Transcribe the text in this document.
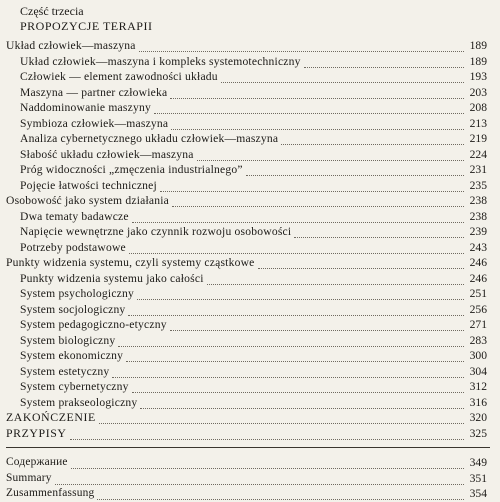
Część trzecia
PROPOZYCJE TERAPII
Układ człowiek—maszyna	189
Układ człowiek—maszyna i kompleks systemotechniczny	189
Człowiek — element zawodności układu	193
Maszyna — partner człowieka	203
Naddominowanie maszyny	208
Symbioza człowiek—maszyna	213
Analiza cybernetycznego układu człowiek—maszyna	219
Słabość układu człowiek—maszyna	224
Próg widoczności „zmęczenia industrialnego”	231
Pojęcie łatwości technicznej	235
Osobowość jako system działania	238
Dwa tematy badawcze	238
Napięcie wewnętrzne jako czynnik rozwoju osobowości	239
Potrzeby podstawowe	243
Punkty widzenia systemu, czyli systemy cząstkowe	246
Punkty widzenia systemu jako całości	246
System psychologiczny	251
System socjologiczny	256
System pedagogiczno-etyczny	271
System biologiczny	283
System ekonomiczny	300
System estetyczny	304
System cybernetyczny	312
System prakseologiczny	316
ZAKOŃCZENIE	320
PRZYPISY	325
Содержание	349
Summary	351
Zusammenfassung	354
